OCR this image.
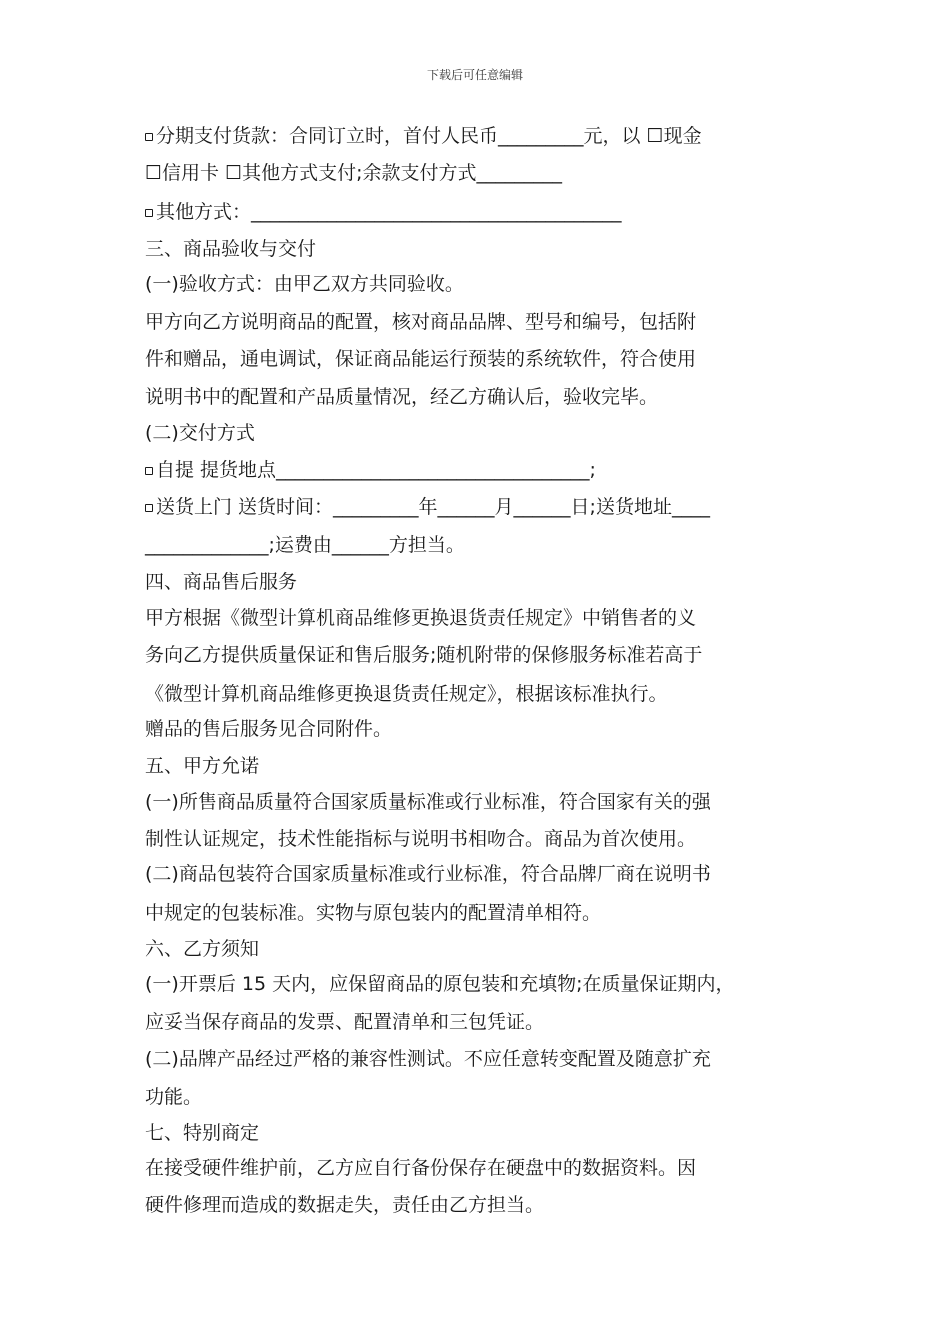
下载后可任意编辑
分期支付货款：合同订立时，首付人民币_________元，以 ☐现金
☐信用卡 ☐其他方式支付;余款支付方式_________
其他方式：_______________________________________
三、商品验收与交付
(一)验收方式：由甲乙双方共同验收。
甲方向乙方说明商品的配置，核对商品品牌、型号和编号，包括附
件和赠品，通电调试，保证商品能运行预装的系统软件，符合使用
说明书中的配置和产品质量情况，经乙方确认后，验收完毕。
(二)交付方式
自提 提货地点_________________________________;
送货上门 送货时间：_________年______月______日;送货地址____
_____________;运费由______方担当。
四、商品售后服务
甲方根据《微型计算机商品维修更换退货责任规定》中销售者的义
务向乙方提供质量保证和售后服务;随机附带的保修服务标准若高于
《微型计算机商品维修更换退货责任规定》，根据该标准执行。
赠品的售后服务见合同附件。
五、甲方允诺
(一)所售商品质量符合国家质量标准或行业标准，符合国家有关的强
制性认证规定，技术性能指标与说明书相吻合。商品为首次使用。
(二)商品包装符合国家质量标准或行业标准，符合品牌厂商在说明书
中规定的包装标准。实物与原包装内的配置清单相符。
六、乙方须知
(一)开票后 15 天内，应保留商品的原包装和充填物;在质量保证期内，
应妥当保存商品的发票、配置清单和三包凭证。
(二)品牌产品经过严格的兼容性测试。不应任意转变配置及随意扩充
功能。
七、特别商定
在接受硬件维护前，乙方应自行备份保存在硬盘中的数据资料。因
硬件修理而造成的数据走失，责任由乙方担当。
